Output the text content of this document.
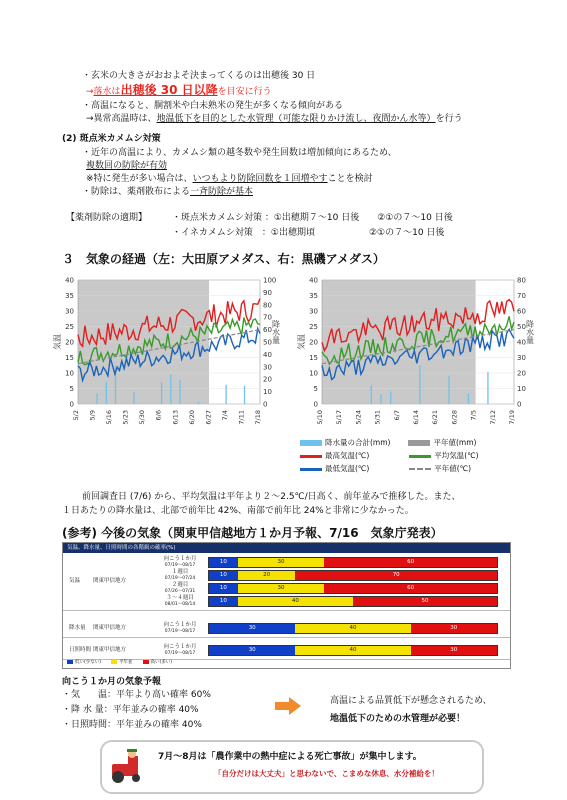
・玄米の大きさがおおよそ決まってくるのは出穂後 30 日
→落水は出穂後 30 日以降を目安に行う
・高温になると、胴割米や白未熟米の発生が多くなる傾向がある
→異常高温時は、地温低下を目的とした水管理（可能な限りかけ流し、夜間かん水等）を行う
(2) 斑点米カメムシ対策
・近年の高温により、カメムシ類の越冬数や発生回数は増加傾向にあるため、
複数回の防除が有効
※特に発生が多い場合は、いつもより防除回数を１回増やすことを検討
・防除は、薬剤散布による一斉防除が基本
【薬剤防除の適期】	・斑点米カメムシ対策 ：①出穂期７～10 日後　　②①の７～10 日後
・イネカメムシ対策　：①出穂期頃　　　　　　②①の７～10 日後
３　気象の経過（左：大田原アメダス、右：黒磯アメダス）
0
5
10
15
20
25
30
35
40
0
10
20
30
40
50
60
70
80
90
100
5/2 5/9 5/16 5/23 5/30 6/6 6/13 6/20 6/27 7/4 7/11 7/18
気温	降水量
0
5
10
15
20
25
30
35
40
0
10
20
30
40
50
60
70
80
5/10 5/17 5/24 5/31 6/7 6/14 6/21 6/28 7/5 7/12 7/19
気温	降水量
降水量の合計(mm)	平年値(mm)
最高気温(℃)	平均気温(℃)
最低気温(℃)	平年値(℃)
前回調査日 (7/6) から、平均気温は平年より２～2.5℃/日高く、前年並みで推移した。また、
１日あたりの降水量は、北部で前年比 42%、南部で前年比 24%と非常に少なかった。
(参考) 今後の気象（関東甲信越地方１か月予報、7/16　気象庁発表）
気温、降水量、日照時間の各階級の確率(%)
気温 関東甲信地方
降水量 関東甲信地方
日照時間 関東甲信地方
向こう１か月
07/19～08/17
10	30	60
１週目
07/19～07/24
10	20	70
２週目
07/26～07/31
10	30	60
３～４週目
08/01～08/14
10	40	50
向こう１か月
07/19～08/17
30	40	30
向こう１か月
07/19～08/17
30	40	30
低い(少ない)	平年並	高い(多い)
向こう１か月の気象予報
・気　　温：平年より高い確率 60%
・降 水 量：平年並みの確率 40%
・日照時間：平年並みの確率 40%
高温による品質低下が懸念されるため、
地温低下のための水管理が必要！
7月～8月は「農作業中の熱中症による死亡事故」が集中します。
「自分だけは大丈夫」と思わないで、こまめな休息、水分補給を！
